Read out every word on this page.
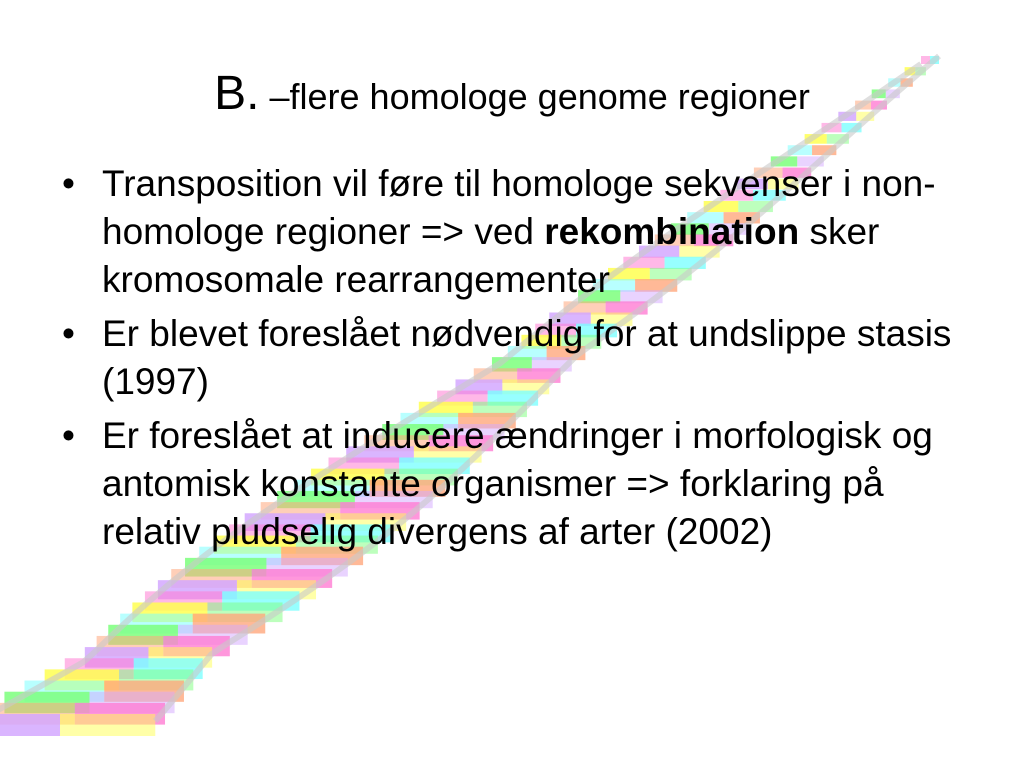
B. –flere homologe genome regioner
• Transposition vil føre til homologe sekvenser i non-homologe regioner => ved rekombination sker kromosomale rearrangementer
• Er blevet foreslået nødvendig for at undslippe stasis (1997)
• Er foreslået at inducere ændringer i morfologisk og antomisk konstante organismer => forklaring på relativ pludselig divergens af arter (2002)
